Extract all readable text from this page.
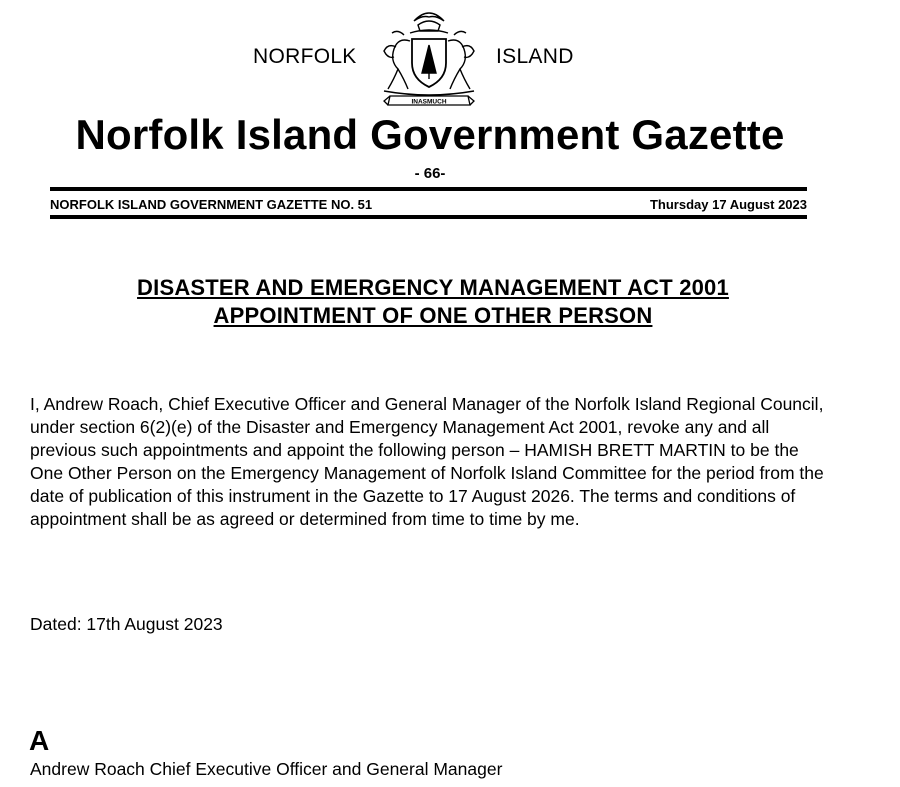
NORFOLK
INASMUCH
ISLAND
Norfolk Island Government Gazette
- 66-
NORFOLK ISLAND GOVERNMENT GAZETTE NO. 51	Thursday 17 August 2023
DISASTER AND EMERGENCY MANAGEMENT ACT 2001
APPOINTMENT OF ONE OTHER PERSON
I, Andrew Roach, Chief Executive Officer and General Manager of the Norfolk Island Regional Council, under section 6(2)(e) of the Disaster and Emergency Management Act 2001, revoke any and all previous such appointments and appoint the following person – HAMISH BRETT MARTIN to be the One Other Person on the Emergency Management of Norfolk Island Committee for the period from the date of publication of this instrument in the Gazette to 17 August 2026. The terms and conditions of appointment shall be as agreed or determined from time to time by me.
Dated: 17th August 2023
A
Andrew Roach Chief Executive Officer and General Manager
